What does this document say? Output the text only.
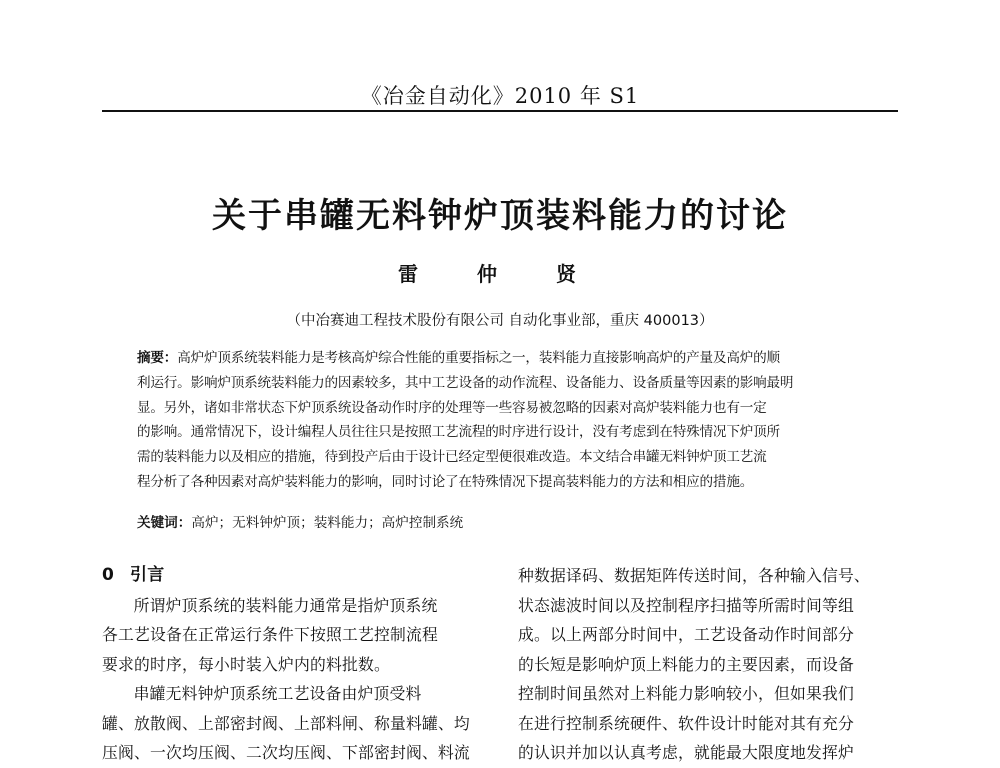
《冶金自动化》2010 年 S1
关于串罐无料钟炉顶装料能力的讨论
雷 仲 贤
（中冶赛迪工程技术股份有限公司 自动化事业部，重庆 400013）
摘要：高炉炉顶系统装料能力是考核高炉综合性能的重要指标之一，装料能力直接影响高炉的产量及高炉的顺
利运行。影响炉顶系统装料能力的因素较多，其中工艺设备的动作流程、设备能力、设备质量等因素的影响最明
显。另外，诸如非常状态下炉顶系统设备动作时序的处理等一些容易被忽略的因素对高炉装料能力也有一定
的影响。通常情况下，设计编程人员往往只是按照工艺流程的时序进行设计，没有考虑到在特殊情况下炉顶所
需的装料能力以及相应的措施，待到投产后由于设计已经定型便很难改造。本文结合串罐无料钟炉顶工艺流
程分析了各种因素对高炉装料能力的影响，同时讨论了在特殊情况下提高装料能力的方法和相应的措施。
关键词：高炉；无料钟炉顶；装料能力；高炉控制系统
0 引言
所谓炉顶系统的装料能力通常是指炉顶系统
各工艺设备在正常运行条件下按照工艺控制流程
要求的时序，每小时装入炉内的料批数。
串罐无料钟炉顶系统工艺设备由炉顶受料
罐、放散阀、上部密封阀、上部料闸、称量料罐、均
压阀、一次均压阀、二次均压阀、下部密封阀、料流
种数据译码、数据矩阵传送时间，各种输入信号、
状态滤波时间以及控制程序扫描等所需时间等组
成。以上两部分时间中，工艺设备动作时间部分
的长短是影响炉顶上料能力的主要因素，而设备
控制时间虽然对上料能力影响较小，但如果我们
在进行控制系统硬件、软件设计时能对其有充分
的认识并加以认真考虑，就能最大限度地发挥炉
